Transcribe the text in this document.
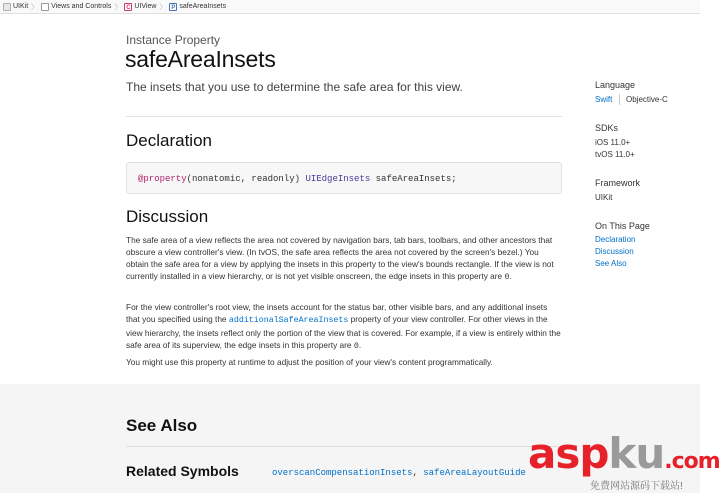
UIKit 〉 Views and Controls 〉 C UIView 〉 P safeAreaInsets
Instance Property
safeAreaInsets
The insets that you use to determine the safe area for this view.
Declaration
@property(nonatomic, readonly) UIEdgeInsets safeAreaInsets;
Discussion

The safe area of a view reflects the area not covered by navigation bars, tab bars, toolbars, and other ancestors that obscure a view controller's view. (In tvOS, the safe area reflects the area not covered by the screen's bezel.) You obtain the safe area for a view by applying the insets in this property to the view's bounds rectangle. If the view is not currently installed in a view hierarchy, or is not yet visible onscreen, the edge insets in this property are 0.

For the view controller's root view, the insets account for the status bar, other visible bars, and any additional insets that you specified using the additionalSafeAreaInsets property of your view controller. For other views in the view hierarchy, the insets reflect only the portion of the view that is covered. For example, if a view is entirely within the safe area of its superview, the edge insets in this property are 0.

You might use this property at runtime to adjust the position of your view's content programmatically.

Language
Swift Objective-C
SDKs
iOS 11.0+
tvOS 11.0+
Framework
UIKit
On This Page
Declaration
Discussion
See Also
See Also
Related Symbols	overscanCompensationInsets, safeAreaLayoutGuide aspku.com
免费网站源码下载站!
